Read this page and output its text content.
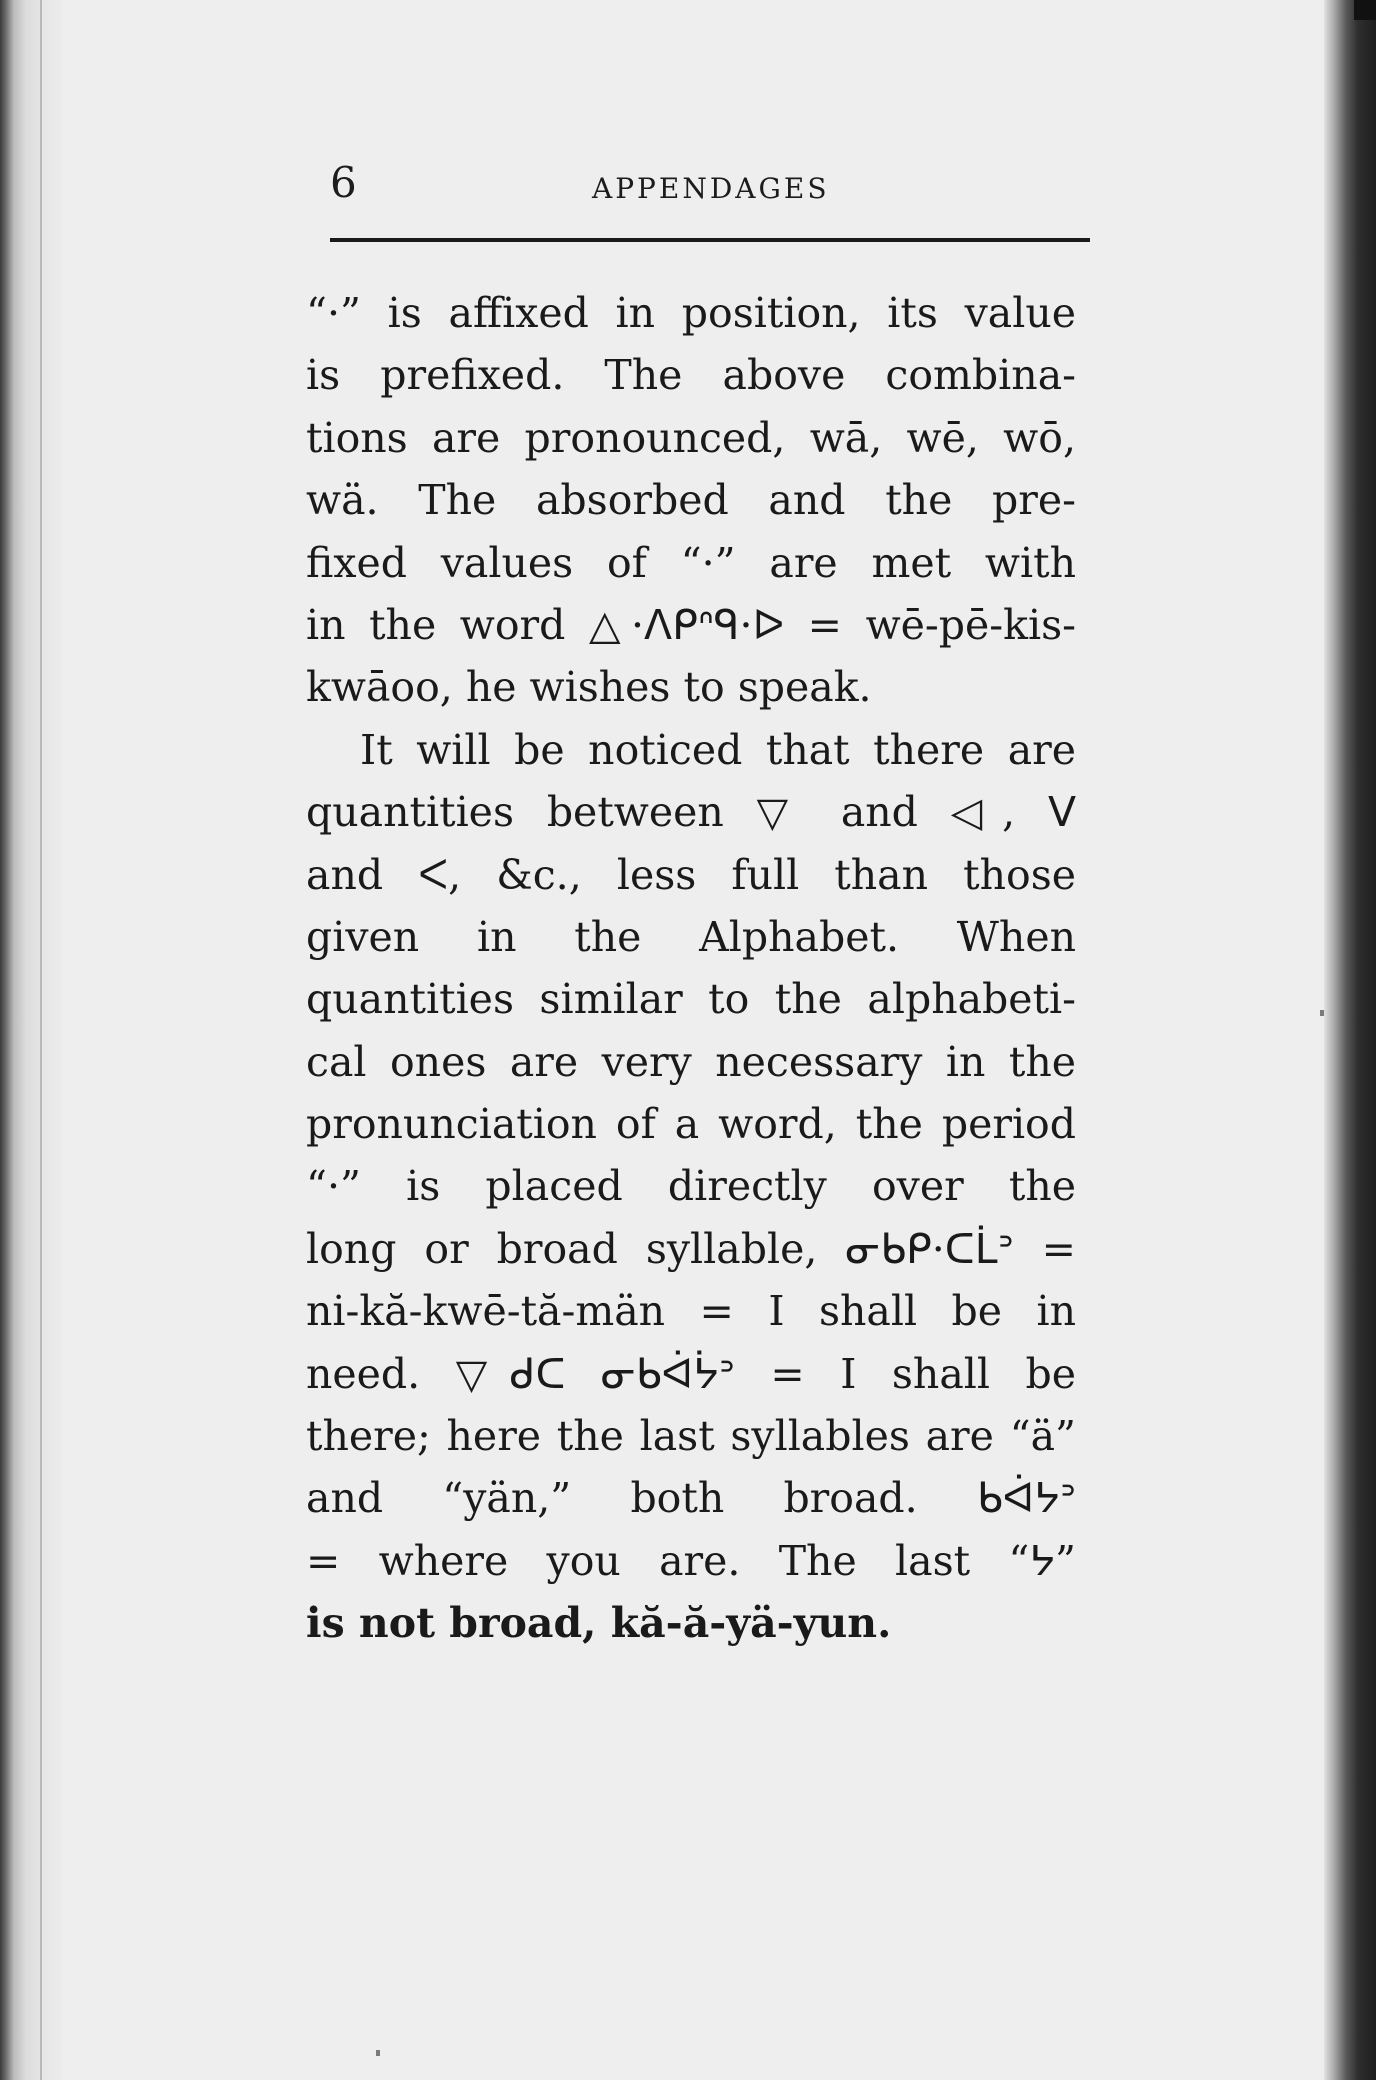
6	APPENDAGES
“·” is affixed in position, its value
is prefixed. The above combina-
tions are pronounced, wā, wē, wō,
wä. The absorbed and the pre-
fixed values of “·” are met with
in the word △·ᐱᑭᐢᑫ·ᐅ = wē-pē-kis-
kwāoo, he wishes to speak.
It will be noticed that there are
quantities between ▽ and ◁, ᐯ
and ᐸ, &c., less full than those
given in the Alphabet. When
quantities similar to the alphabeti-
cal ones are very necessary in the
pronunciation of a word, the period
“·” is placed directly over the
long or broad syllable, ᓂᑲᑭ·ᑕᒫᐣ =
ni-kă-kwē-tă-män = I shall be in
need. ▽ᑯᑕ ᓂᑲᐋᔮᐣ = I shall be
there; here the last syllables are “ä”
and “yän,” both broad. ᑲᐋᔭᐣ
= where you are. The last “ᔭ”
is not broad, kă-ă-yä-yun.
